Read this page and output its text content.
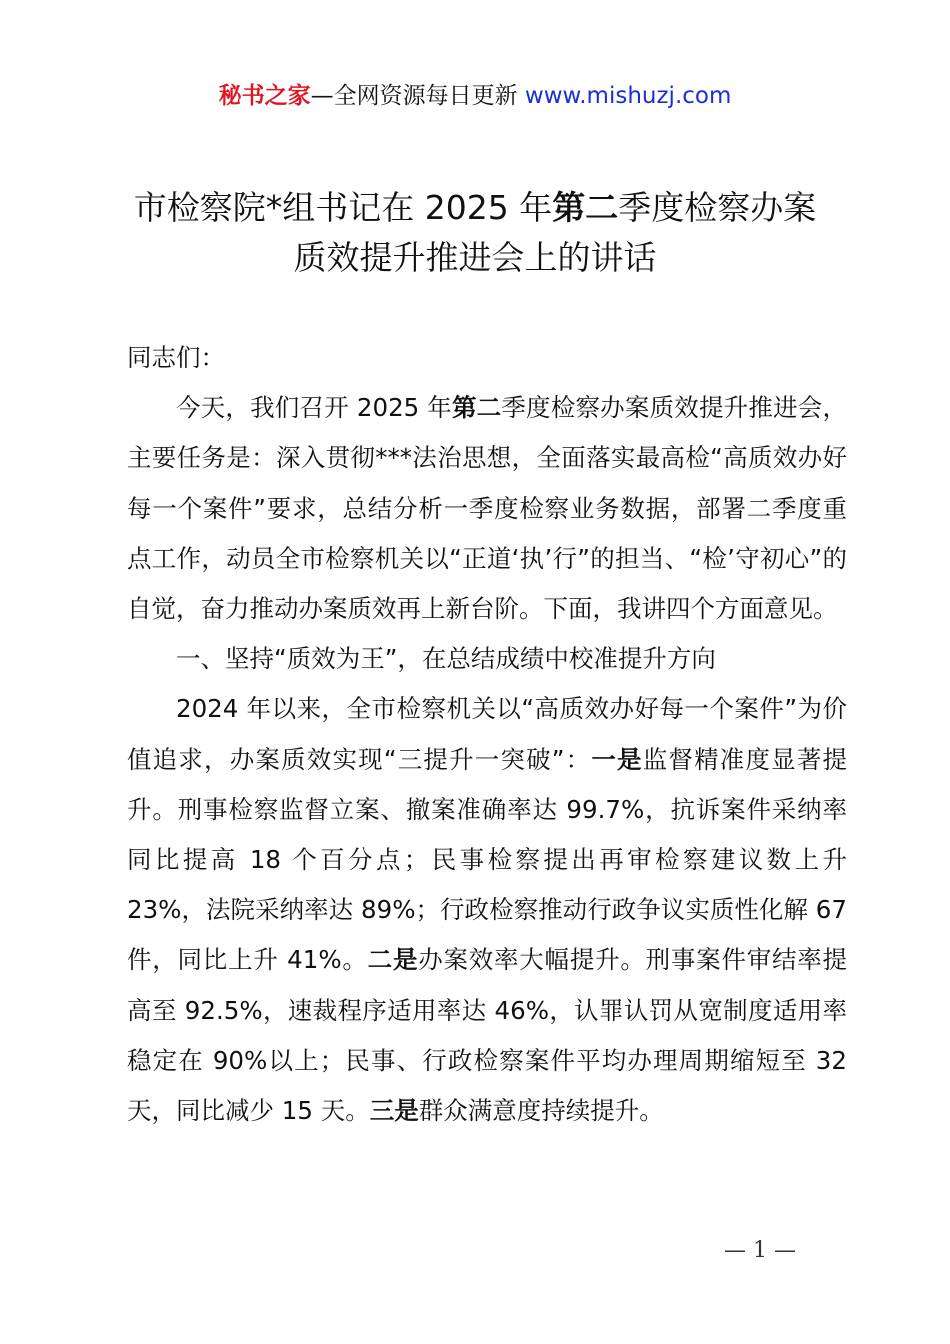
秘书之家—全网资源每日更新 www.mishuzj.com
市检察院*组书记在 2025 年第二季度检察办案
质效提升推进会上的讲话

同志们：

今天，我们召开 2025 年第二季度检察办案质效提升推进会，主要任务是：深入贯彻***法治思想，全面落实最高检“高质效办好每一个案件”要求，总结分析一季度检察业务数据，部署二季度重点工作，动员全市检察机关以“正道‘执’行”的担当、“检’守初心”的自觉，奋力推动办案质效再上新台阶。下面，我讲四个方面意见。

一、坚持“质效为王”，在总结成绩中校准提升方向

2024 年以来，全市检察机关以“高质效办好每一个案件”为价值追求，办案质效实现“三提升一突破”：一是监督精准度显著提升。刑事检察监督立案、撤案准确率达 99.7%，抗诉案件采纳率同比提高 18 个百分点；民事检察提出再审检察建议数上升 23%，法院采纳率达 89%；行政检察推动行政争议实质性化解 67 件，同比上升 41%。二是办案效率大幅提升。刑事案件审结率提高至 92.5%，速裁程序适用率达 46%，认罪认罚从宽制度适用率稳定在 90%以上；民事、行政检察案件平均办理周期缩短至 32 天，同比减少 15 天。三是群众满意度持续提升。

— 1 —
